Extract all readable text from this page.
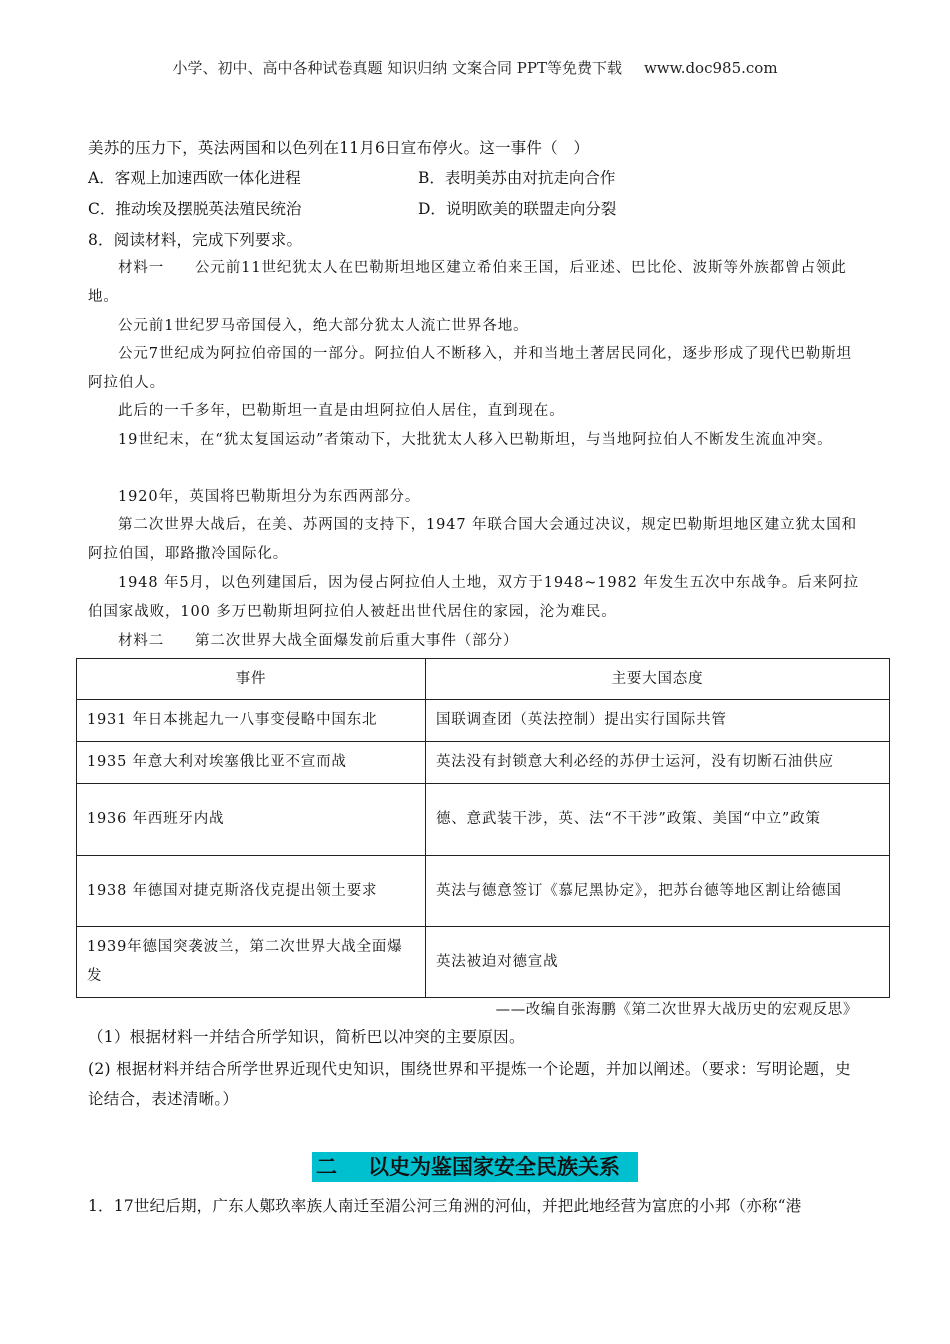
小学、初中、高中各种试卷真题 知识归纳 文案合同 PPT等免费下载 www.doc985.com
美苏的压力下，英法两国和以色列在11月6日宣布停火。这一事件（　）
A．客观上加速西欧一体化进程	B．表明美苏由对抗走向合作
C．推动埃及摆脱英法殖民统治	D．说明欧美的联盟走向分裂
8．阅读材料，完成下列要求。
材料一　　公元前11世纪犹太人在巴勒斯坦地区建立希伯来王国，后亚述、巴比伦、波斯等外族都曾占领此地。
公元前1世纪罗马帝国侵入，绝大部分犹太人流亡世界各地。
公元7世纪成为阿拉伯帝国的一部分。阿拉伯人不断移入，并和当地土著居民同化，逐步形成了现代巴勒斯坦阿拉伯人。
此后的一千多年，巴勒斯坦一直是由坦阿拉伯人居住，直到现在。
19世纪末，在“犹太复国运动”者策动下，大批犹太人移入巴勒斯坦，与当地阿拉伯人不断发生流血冲突。
1920年，英国将巴勒斯坦分为东西两部分。
第二次世界大战后，在美、苏两国的支持下，1947 年联合国大会通过决议，规定巴勒斯坦地区建立犹太国和阿拉伯国，耶路撒冷国际化。
1948 年5月，以色列建国后，因为侵占阿拉伯人土地，双方于1948~1982 年发生五次中东战争。后来阿拉伯国家战败，100 多万巴勒斯坦阿拉伯人被赶出世代居住的家园，沦为难民。
材料二　　第二次世界大战全面爆发前后重大事件（部分）
事件	主要大国态度
1931 年日本挑起九一八事变侵略中国东北	国联调查团（英法控制）提出实行国际共管
1935 年意大利对埃塞俄比亚不宣而战	英法没有封锁意大利必经的苏伊士运河，没有切断石油供应
1936 年西班牙内战	德、意武装干涉，英、法“不干涉”政策、美国“中立”政策
1938 年德国对捷克斯洛伐克提出领土要求	英法与德意签订《慕尼黑协定》，把苏台德等地区割让给德国
1939年德国突袭波兰，第二次世界大战全面爆发	英法被迫对德宣战
——改编自张海鹏《第二次世界大战历史的宏观反思》
（1）根据材料一并结合所学知识，简析巴以冲突的主要原因。
(2) 根据材料并结合所学世界近现代史知识，围绕世界和平提炼一个论题，并加以阐述。（要求：写明论题，史论结合，表述清晰。）
二 以史为鉴国家安全民族关系
1．17世纪后期，广东人鄚玖率族人南迁至湄公河三角洲的河仙，并把此地经营为富庶的小邦（亦称“港
